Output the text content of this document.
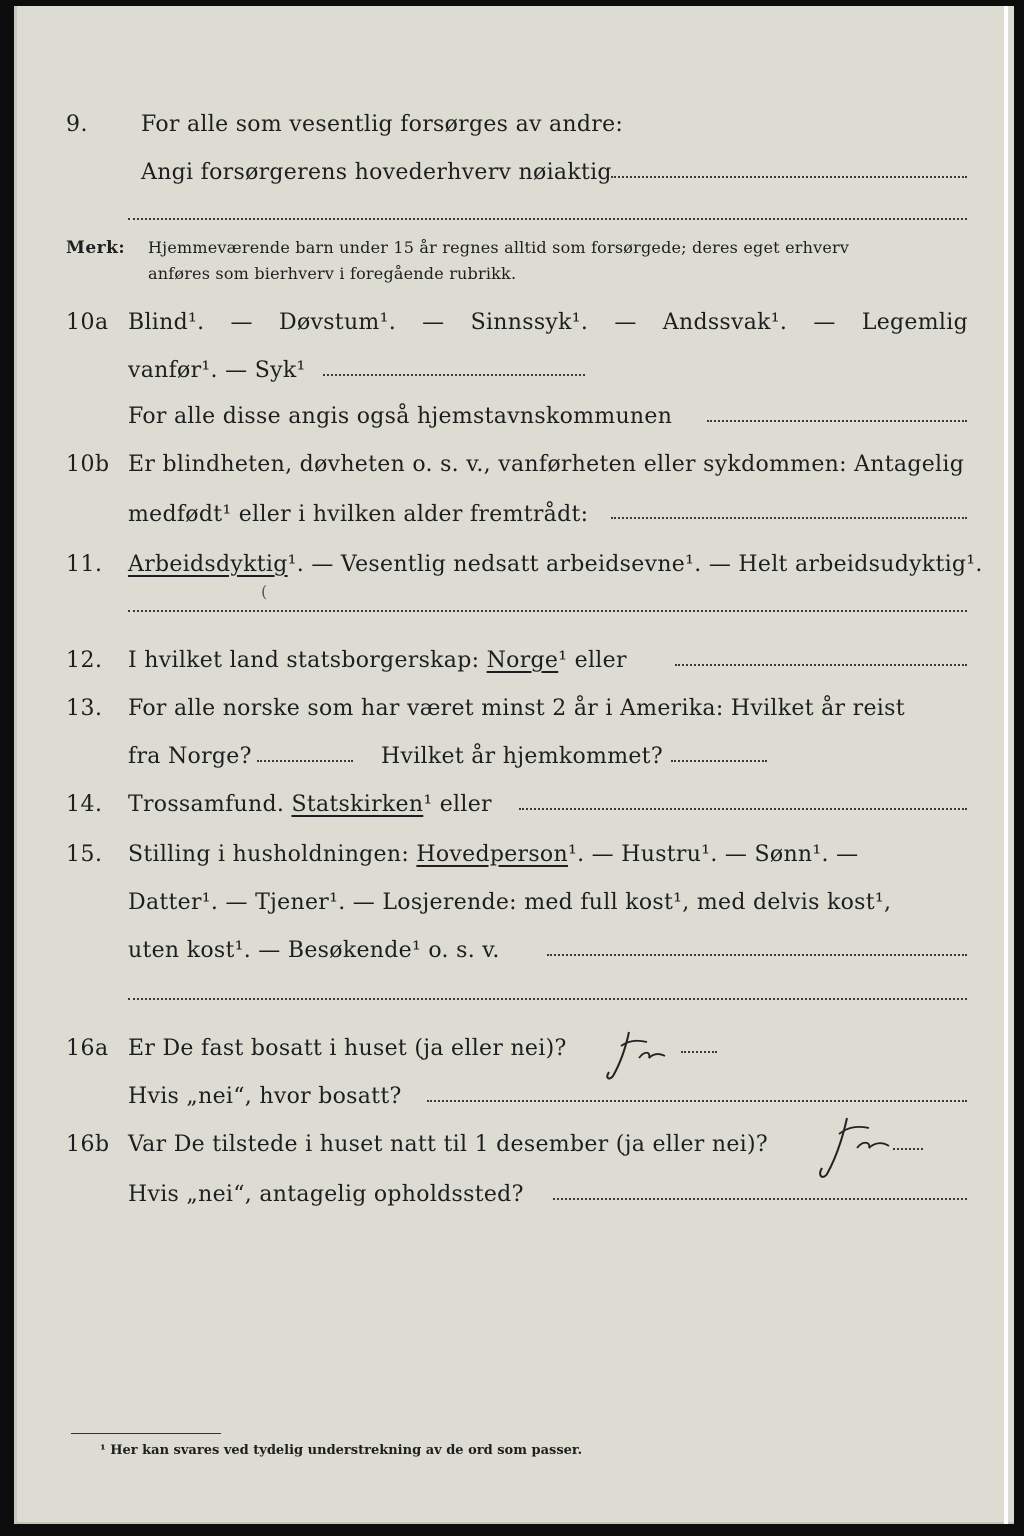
9. For alle som vesentlig forsørges av andre:
Angi forsørgerens hovederhverv nøiaktig
Merk: Hjemmeværende barn under 15 år regnes alltid som forsørgede; deres eget erhverv
anføres som bierhverv i foregående rubrikk.
10a Blind¹. — Døvstum¹. — Sinnssyk¹. — Andssvak¹. — Legemlig
vanfør¹. — Syk¹
For alle disse angis også hjemstavnskommunen
10b Er blindheten, døvheten o. s. v., vanførheten eller sykdommen: Antagelig
medfødt¹ eller i hvilken alder fremtrådt:
11. Arbeidsdyktig¹. — Vesentlig nedsatt arbeidsevne¹. — Helt arbeidsudyktig¹.
(
12. I hvilket land statsborgerskap: Norge¹ eller
13. For alle norske som har været minst 2 år i Amerika: Hvilket år reist
fra Norge?	Hvilket år hjemkommet?
14. Trossamfund. Statskirken¹ eller
15. Stilling i husholdningen: Hovedperson¹. — Hustru¹. — Sønn¹. —
Datter¹. — Tjener¹. — Losjerende: med full kost¹, med delvis kost¹,
uten kost¹. — Besøkende¹ o. s. v.
16a Er De fast bosatt i huset (ja eller nei)?
Ja
Hvis „nei“, hvor bosatt?
16b Var De tilstede i huset natt til 1 desember (ja eller nei)?
Ja
Hvis „nei“, antagelig opholdssted?
¹ Her kan svares ved tydelig understrekning av de ord som passer.
